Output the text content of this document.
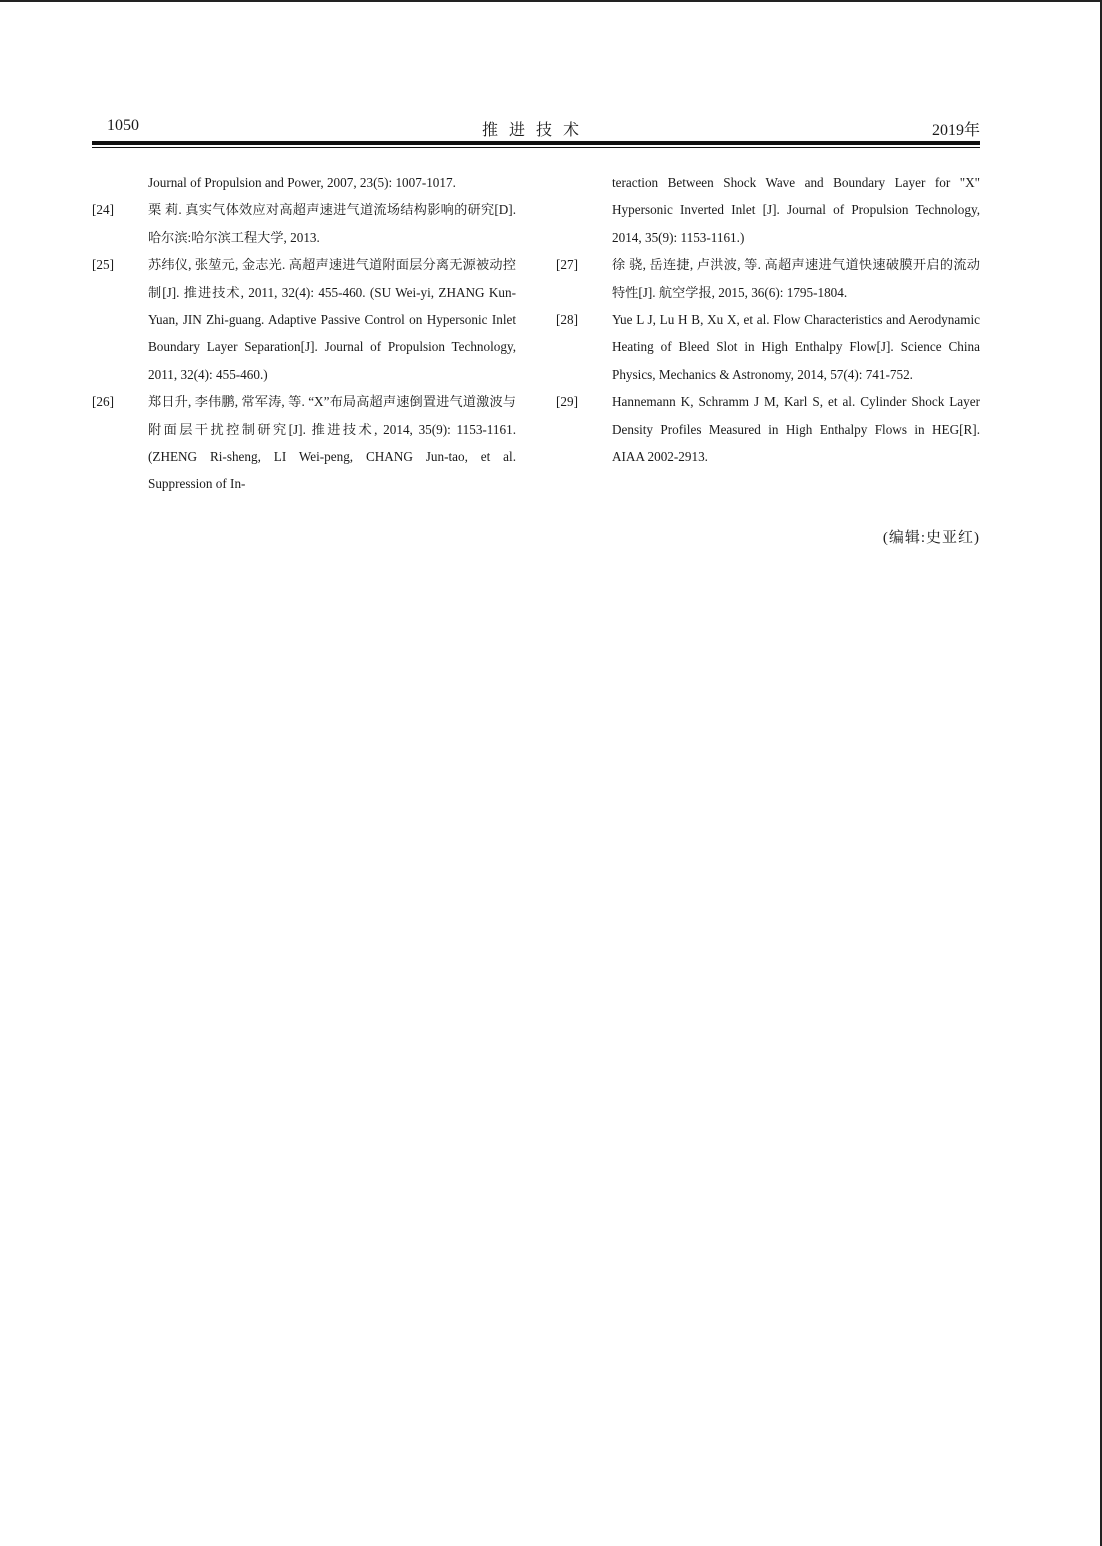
1050	推进技术	2019年
Journal of Propulsion and Power, 2007, 23(5): 1007-1017.
[24]	栗 莉. 真实气体效应对高超声速进气道流场结构影响的研究[D]. 哈尔滨:哈尔滨工程大学, 2013.
[25]	苏纬仪, 张堃元, 金志光. 高超声速进气道附面层分离无源被动控制[J]. 推进技术, 2011, 32(4): 455-460. (SU Wei-yi, ZHANG Kun-Yuan, JIN Zhi-guang. Adaptive Passive Control on Hypersonic Inlet Boundary Layer Separation[J]. Journal of Propulsion Technology, 2011, 32(4): 455-460.)
[26]	郑日升, 李伟鹏, 常军涛, 等. “X”布局高超声速倒置进气道激波与附面层干扰控制研究[J]. 推进技术, 2014, 35(9): 1153-1161. (ZHENG Ri-sheng, LI Wei-peng, CHANG Jun-tao, et al. Suppression of In-
teraction Between Shock Wave and Boundary Layer for "X" Hypersonic Inverted Inlet [J]. Journal of Propulsion Technology, 2014, 35(9): 1153-1161.)
[27]	徐 骁, 岳连捷, 卢洪波, 等. 高超声速进气道快速破膜开启的流动特性[J]. 航空学报, 2015, 36(6): 1795-1804.
[28]	Yue L J, Lu H B, Xu X, et al. Flow Characteristics and Aerodynamic Heating of Bleed Slot in High Enthalpy Flow[J]. Science China Physics, Mechanics & Astronomy, 2014, 57(4): 741-752.
[29]	Hannemann K, Schramm J M, Karl S, et al. Cylinder Shock Layer Density Profiles Measured in High Enthalpy Flows in HEG[R]. AIAA 2002-2913.
(编辑:史亚红)
